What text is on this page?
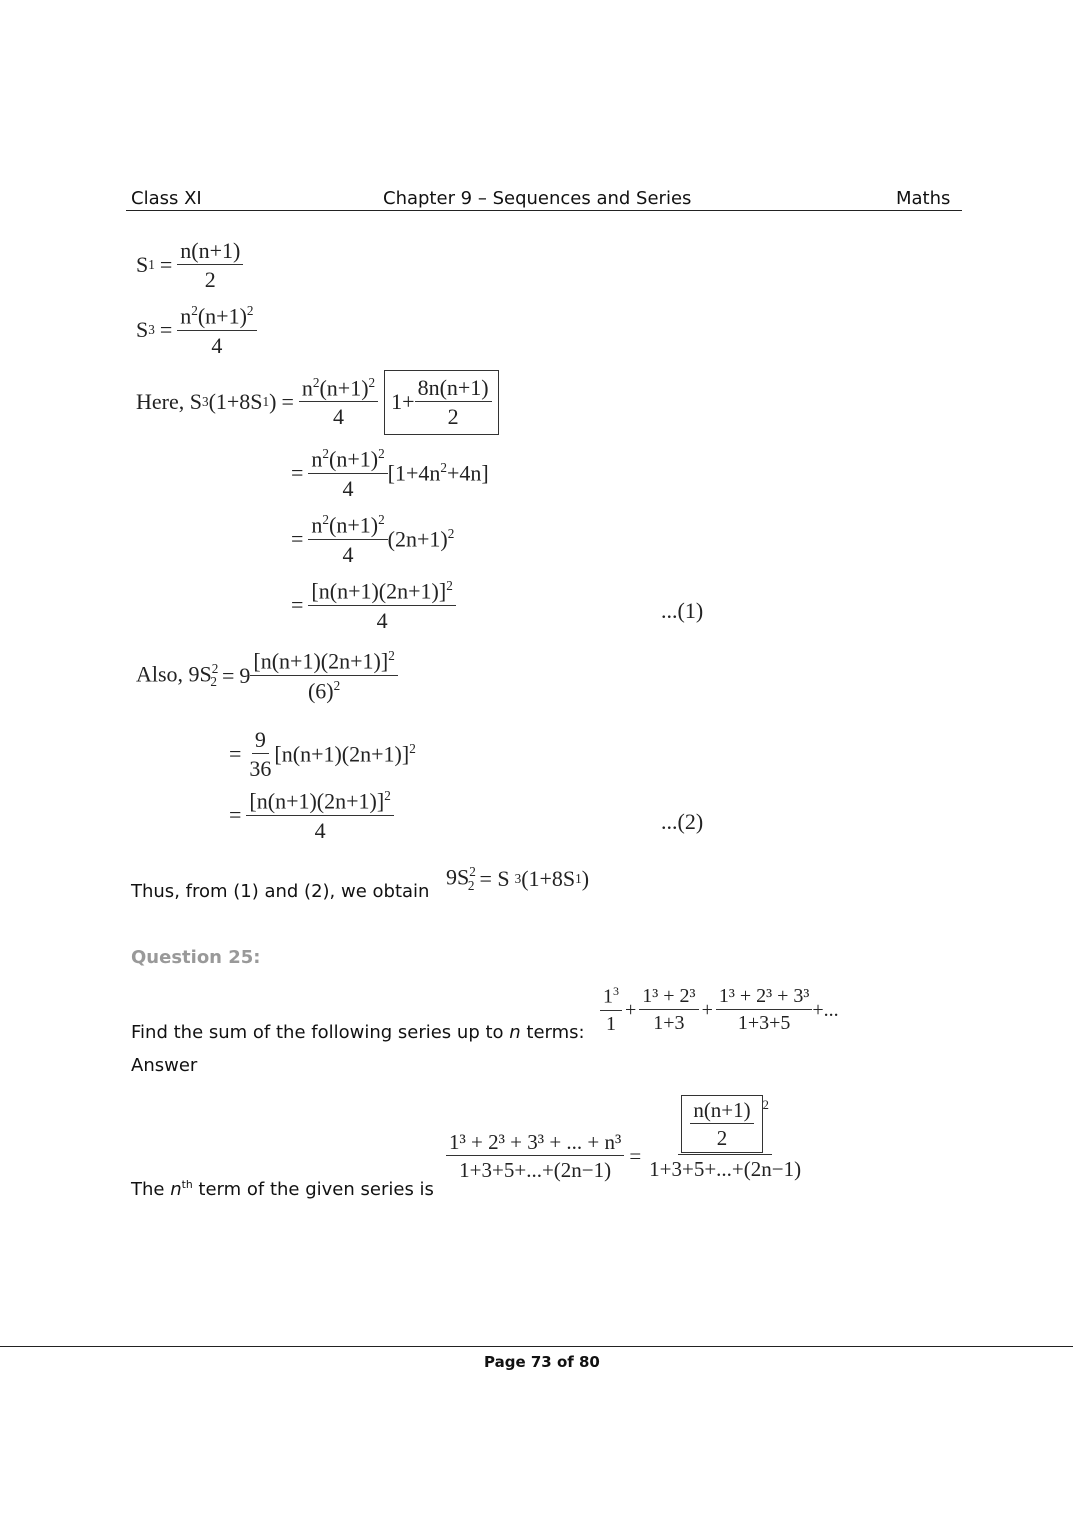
Class XI	Chapter 9 – Sequences and Series	Maths
S $1 = \frac{n(n+1)}{2}$
S $3 = \frac{n^2(n+1)^2}{4}$
Here, S 3 (1+8S 1 ) = $\frac{n^2(n+1)^2}{4} 1+ \frac{8n(n+1)}{2}$
= $\frac{n^2(n+1)^2}{4} [1+4n^2+4n]$
= $\frac{n^2(n+1)^2}{4} (2n+1)^2$
= $\frac{[n(n+1)(2n+1)]^2}{4}$	...(1)
Also, $9S^2_2 = 9 \frac{[n(n+1)(2n+1)]^2}{(6)^2}$
= $\frac{9}{36} [n(n+1)(2n+1)]^2$
= $\frac{[n(n+1)(2n+1)]^2}{4}$	...(2)
Thus, from (1) and (2), we obtain
$9S^2_2 = S$ 3 (1+8S 1 )
Question 25:
Find the sum of the following series up to n terms: $\frac{1^3}{1} + \frac{\text{1³ + 2³}}{1+3} + \frac{\text{1³ + 2³ + 3³}}{1+3+5}$ +...
Answer
The $n^{th}$ term of the given series is
$\frac{\text{1³ + 2³ + 3³ + ... + n³}}{1+3+5+...+(2n-1)} = \frac{\frac{n(n+1)}{2} ^2}{1+3+5+...+(2n-1)}$
Page 73 of 80
